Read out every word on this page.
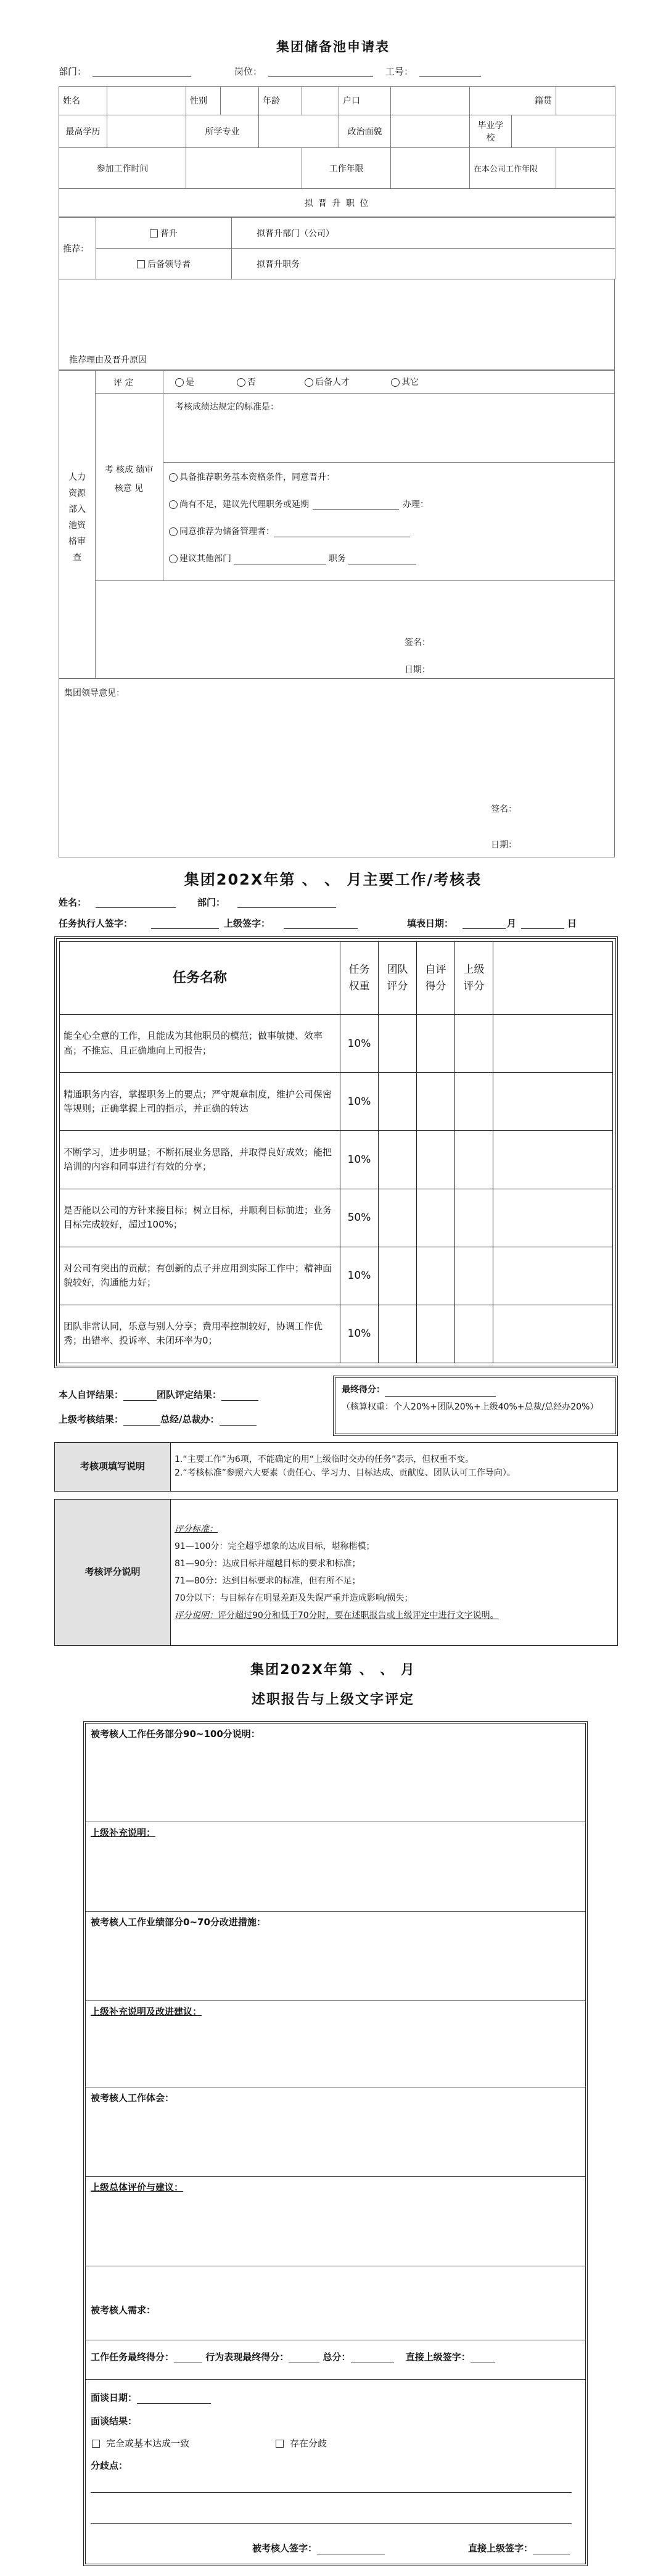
集团储备池申请表
部门：	岗位：	工号：
姓名		性别		年龄		户口		籍贯		
最高学历		所学专业				政治面貌		毕业学校		
参加工作时间					工作年限			在本公司工作年限		
拟 晋 升 职 位										
推荐：	晋升	拟晋升部门（公司）
	后备领导者	拟晋升职务
推荐理由及晋升原因
人力资源部入池资格审查
评 定	是	否	后备人才	其它
考 核成 绩审 核意 见
考核成绩达规定的标准是：
具备推荐职务基本资格条件，同意晋升：
尚有不足，建议先代理职务或延期	办理：
同意推荐为储备管理者：
建议其他部门	职务
签名：
日期：
集团领导意见：
签名：
日期：
集团202X年第 、 、 月主要工作/考核表
姓名：	部门：
任务执行人签字：	上级签字：	填表日期：	月	日
任务名称	任务权重	团队评分	自评得分	上级评分	
能全心全意的工作，且能成为其他职员的模范；做事敏捷、效率高；不推忘、且正确地向上司报告；	10%				
精通职务内容，掌握职务上的要点；严守规章制度，维护公司保密等规则；正确掌握上司的指示，并正确的转达	10%				
不断学习，进步明显；不断拓展业务思路，并取得良好成效；能把培训的内容和同事进行有效的分享；	10%				
是否能以公司的方针来接目标；树立目标，并顺利目标前进；业务目标完成较好，超过100%；	50%				
对公司有突出的贡献；有创新的点子并应用到实际工作中；精神面貌较好，沟通能力好；	10%				
团队非常认同，乐意与别人分享；费用率控制较好，协调工作优秀；出错率、投诉率、未闭环率为0；	10%				
本人自评结果：	团队评定结果：
上级考核结果：	总经/总裁办：
最终得分：
（核算权重：个人20%+团队20%+上级40%+总裁/总经办20%）
考核项填写说明	
1.“主要工作”为6项，不能确定的用“上级临时交办的任务”表示，但权重不变。
2.“考核标准”参照六大要素（责任心、学习力、目标达成、贡献度、团队认可工作导向）。
考核评分说明	
评分标准：
91—100分：完全超乎想象的达成目标，堪称楷模；
81—90分：达成目标并超越目标的要求和标准；
71—80分：达到目标要求的标准，但有所不足；
70分以下：与目标存在明显差距及失误严重并造成影响/损失；
评分说明：评分超过90分和低于70分时，要在述职报告或上级评定中进行文字说明。
集团202X年第 、 、 月
述职报告与上级文字评定
被考核人工作任务部分90~100分说明：
上级补充说明：
被考核人工作业绩部分0~70分改进措施：
上级补充说明及改进建议：
被考核人工作体会：
上级总体评价与建议：
被考核人需求：
工作任务最终得分：	行为表现最终得分：	总分：	直接上级签字：
面谈日期：
面谈结果：
完全或基本达成一致	存在分歧
分歧点：
被考核人签字：	直接上级签字：
